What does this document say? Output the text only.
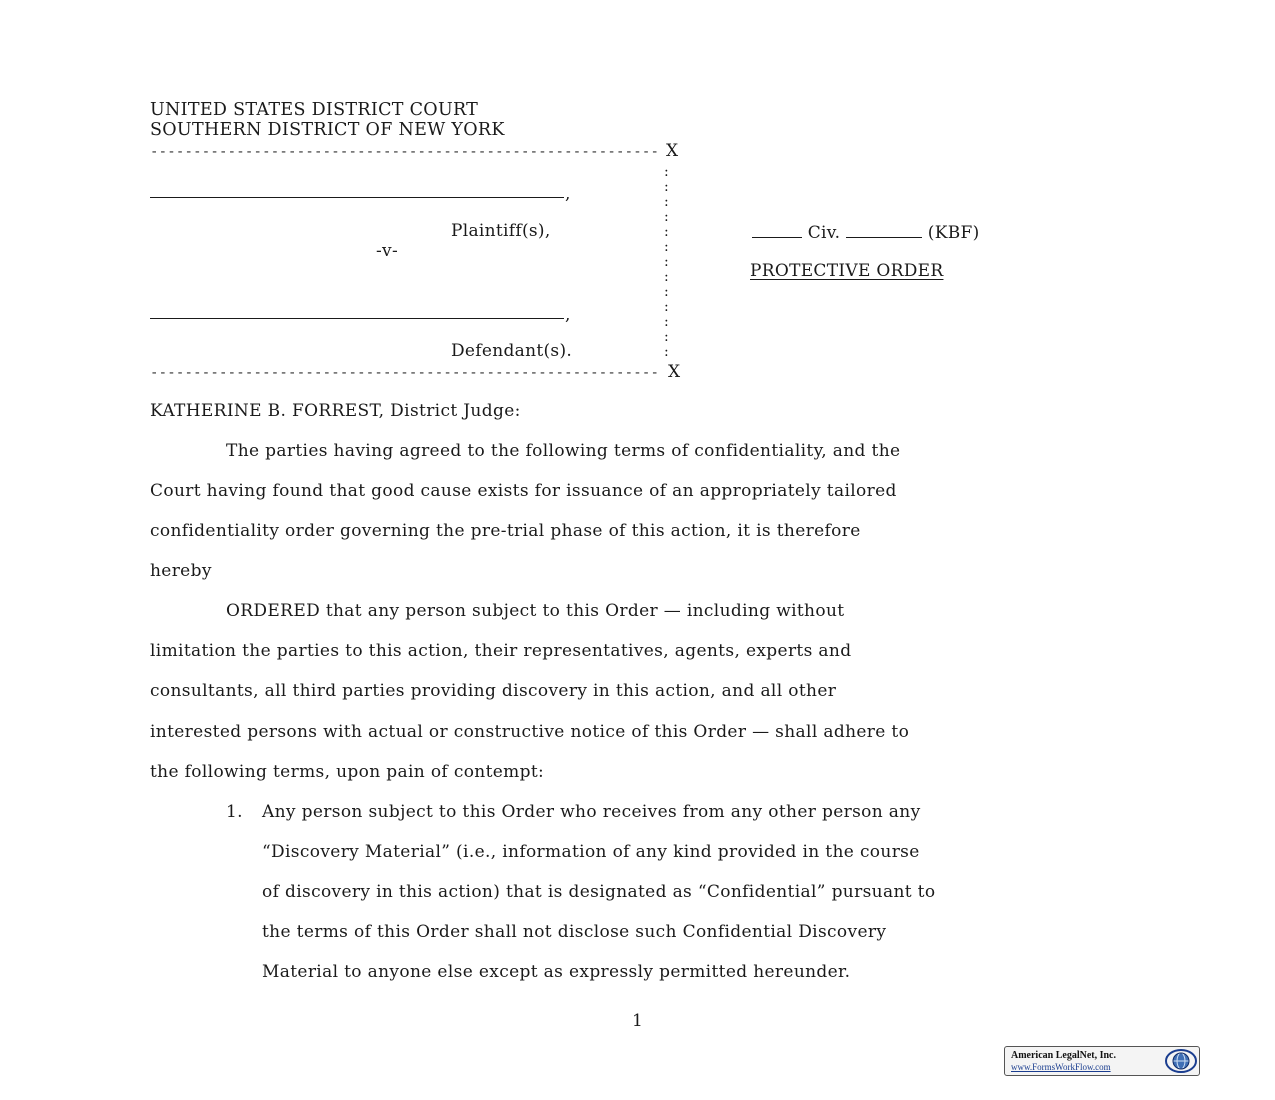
UNITED STATES DISTRICT COURT
SOUTHERN DISTRICT OF NEW YORK
----------------------------------------------------------- X
:
:
:
:
:
:
:
:
:
:
:
:
:
,
Plaintiff(s),
-v-
Civ.	(KBF)
PROTECTIVE ORDER
,
Defendant(s).
----------------------------------------------------------- X
KATHERINE B. FORREST, District Judge:
The parties having agreed to the following terms of confidentiality, and the
Court having found that good cause exists for issuance of an appropriately tailored
confidentiality order governing the pre-trial phase of this action, it is therefore
hereby
ORDERED that any person subject to this Order — including without
limitation the parties to this action, their representatives, agents, experts and
consultants, all third parties providing discovery in this action, and all other
interested persons with actual or constructive notice of this Order — shall adhere to
the following terms, upon pain of contempt:
1. Any person subject to this Order who receives from any other person any
“Discovery Material” (i.e., information of any kind provided in the course
of discovery in this action) that is designated as “Confidential” pursuant to
the terms of this Order shall not disclose such Confidential Discovery
Material to anyone else except as expressly permitted hereunder.
1
American LegalNet, Inc.
www.FormsWorkFlow.com
